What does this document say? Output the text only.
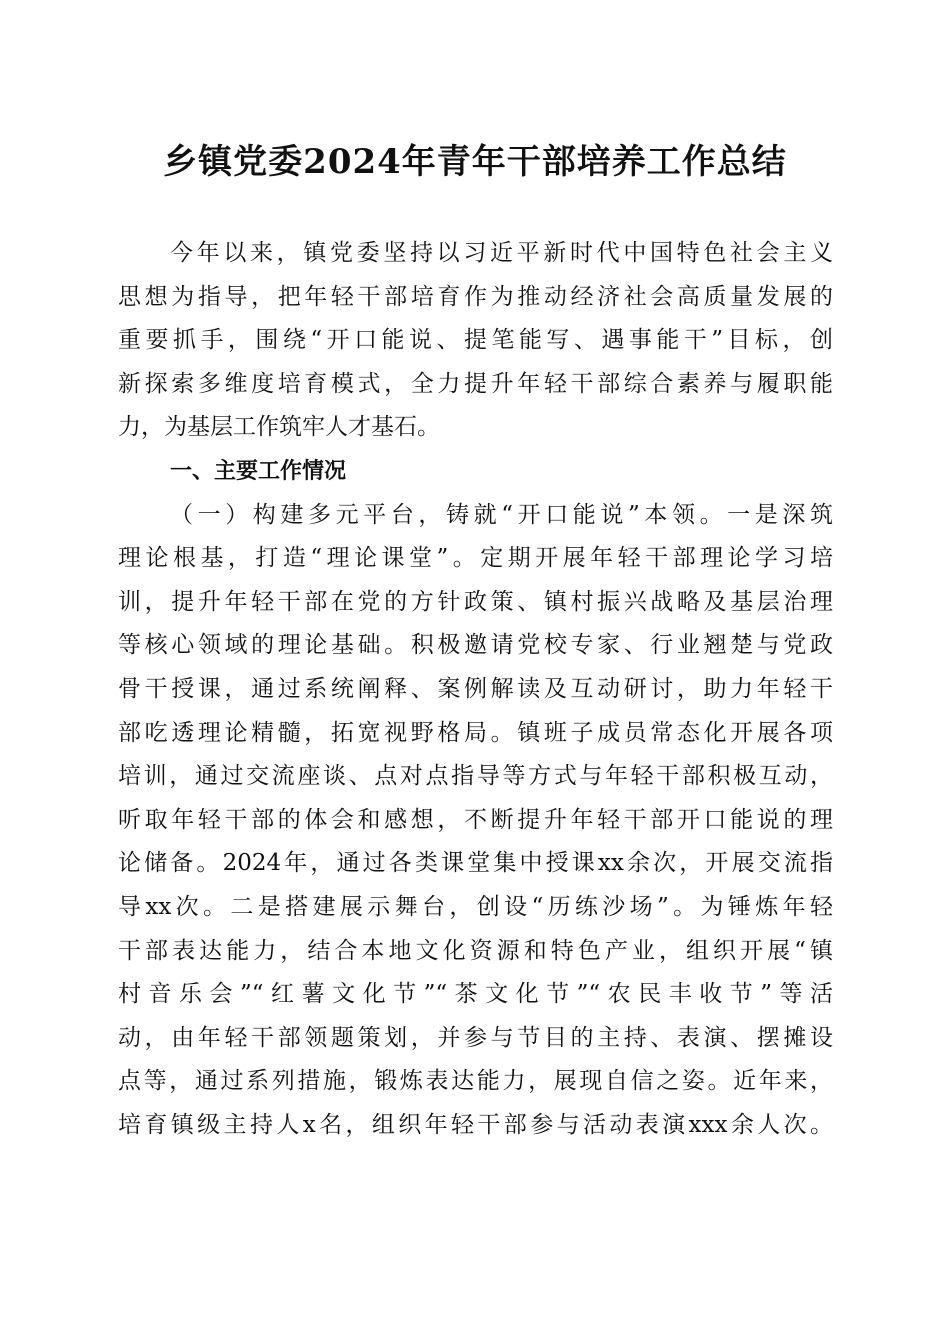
乡镇党委2024年青年干部培养工作总结
今年以来，镇党委坚持以习近平新时代中国特色社会主义
思想为指导，把年轻干部培育作为推动经济社会高质量发展的
重要抓手，围绕“开口能说、提笔能写、遇事能干”目标，创
新探索多维度培育模式，全力提升年轻干部综合素养与履职能
力，为基层工作筑牢人才基石。
一、主要工作情况
（一）构建多元平台，铸就“开口能说”本领。一是深筑
理论根基，打造“理论课堂”。定期开展年轻干部理论学习培
训，提升年轻干部在党的方针政策、镇村振兴战略及基层治理
等核心领域的理论基础。积极邀请党校专家、行业翘楚与党政
骨干授课，通过系统阐释、案例解读及互动研讨，助力年轻干
部吃透理论精髓，拓宽视野格局。镇班子成员常态化开展各项
培训，通过交流座谈、点对点指导等方式与年轻干部积极互动，
听取年轻干部的体会和感想，不断提升年轻干部开口能说的理
论储备。2024年，通过各类课堂集中授课xx余次，开展交流指
导xx次。二是搭建展示舞台，创设“历练沙场”。为锤炼年轻
干部表达能力，结合本地文化资源和特色产业，组织开展“镇
村音乐会”“红薯文化节”“茶文化节”“农民丰收节”等活
动，由年轻干部领题策划，并参与节目的主持、表演、摆摊设
点等，通过系列措施，锻炼表达能力，展现自信之姿。近年来，
培育镇级主持人x名，组织年轻干部参与活动表演xxx余人次。
